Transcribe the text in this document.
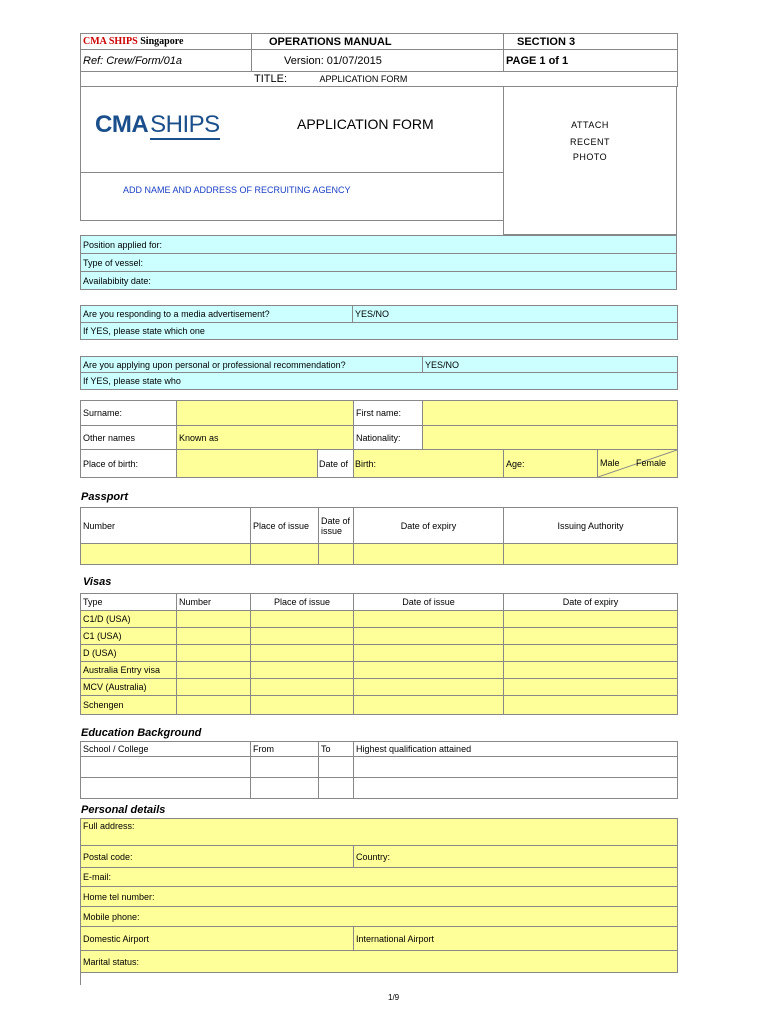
CMA SHIPS Singapore	OPERATIONS MANUAL	SECTION 3
Ref: Crew/Form/01a	Version: 01/07/2015	PAGE 1 of 1
TITLE: APPLICATION FORM		
CMASHIPS	APPLICATION FORM	ATTACH
RECENT
PHOTO
ADD NAME AND ADDRESS OF RECRUITING AGENCY
Position applied for:
Type of vessel:
Availabibity date:
Are you responding to a media advertisement?	YES/NO
If YES, please state which one
Are you applying upon personal or professional recommendation?	YES/NO
If YES, please state who
Surname:			First name:			
Other names	Known as		Nationality:			
Place of birth:		Date of	Birth:		Age:	Male Female
Passport
Number	Place of issue	Date of issue	Date of expiry	Issuing Authority

Visas
Type	Number	Place of issue	Date of issue	Date of expiry
C1/D (USA)				
C1 (USA)				
D (USA)				
Australia Entry visa				
MCV (Australia)				
Schengen				
Education Background
School / College	From	To	Highest qualification attained

Personal details
Full address:	
Postal code:	Country:
E-mail:	
Home tel number:	
Mobile phone:	
Domestic Airport	International Airport
Marital status:	

1/9
